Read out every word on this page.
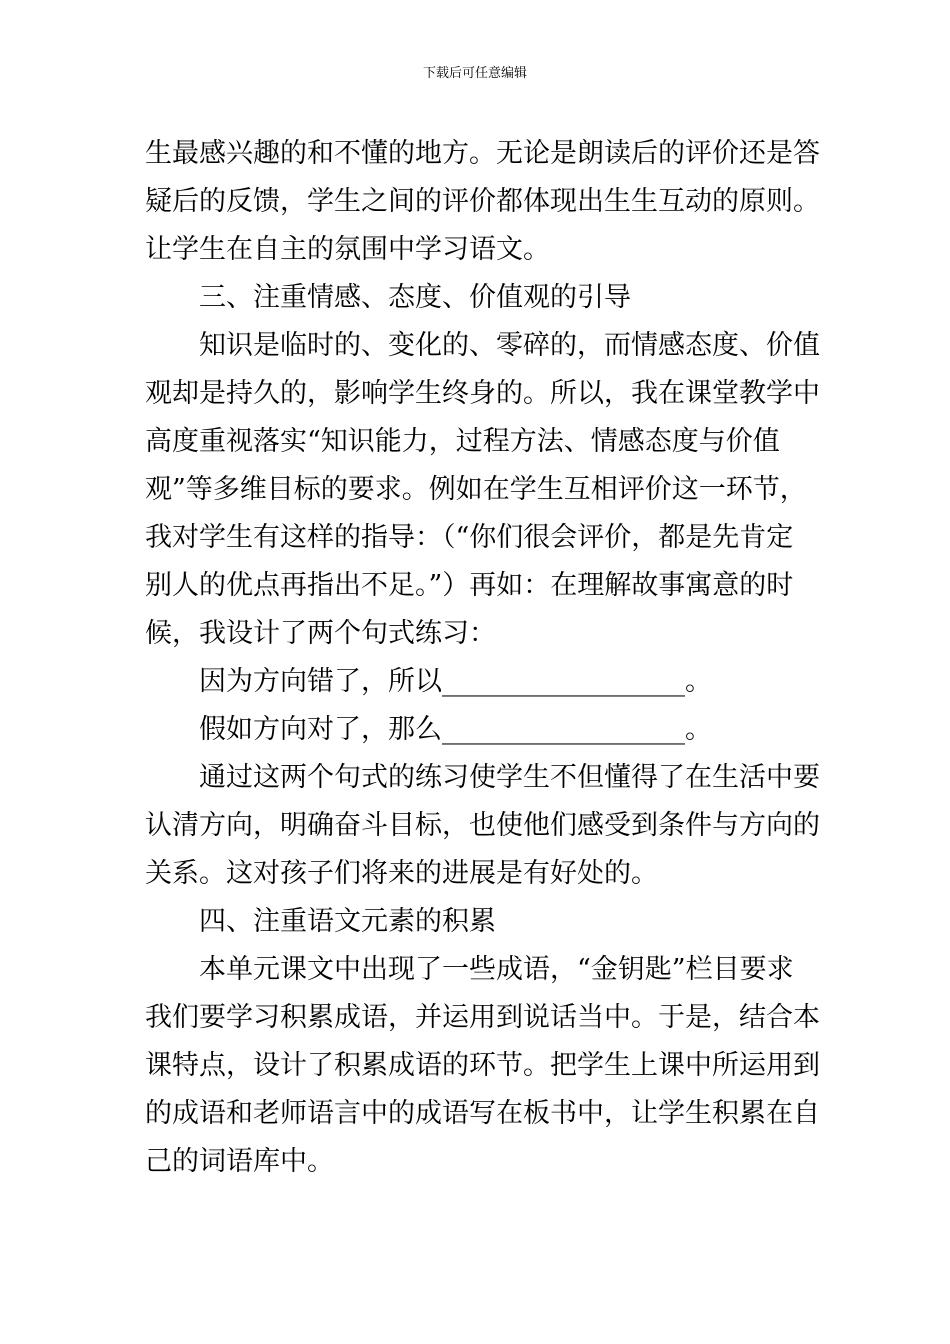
下载后可任意编辑
生最感兴趣的和不懂的地方。无论是朗读后的评价还是答
疑后的反馈，学生之间的评价都体现出生生互动的原则。
让学生在自主的氛围中学习语文。
三、注重情感、态度、价值观的引导
知识是临时的、变化的、零碎的，而情感态度、价值
观却是持久的，影响学生终身的。所以，我在课堂教学中
高度重视落实“知识能力，过程方法、情感态度与价值
观”等多维目标的要求。例如在学生互相评价这一环节，
我对学生有这样的指导：（“你们很会评价，都是先肯定
别人的优点再指出不足。”）再如：在理解故事寓意的时
候，我设计了两个句式练习：
因为方向错了，所以__________________。
假如方向对了，那么__________________。
通过这两个句式的练习使学生不但懂得了在生活中要
认清方向，明确奋斗目标，也使他们感受到条件与方向的
关系。这对孩子们将来的进展是有好处的。
四、注重语文元素的积累
本单元课文中出现了一些成语，“金钥匙”栏目要求
我们要学习积累成语，并运用到说话当中。于是，结合本
课特点，设计了积累成语的环节。把学生上课中所运用到
的成语和老师语言中的成语写在板书中，让学生积累在自
己的词语库中。
